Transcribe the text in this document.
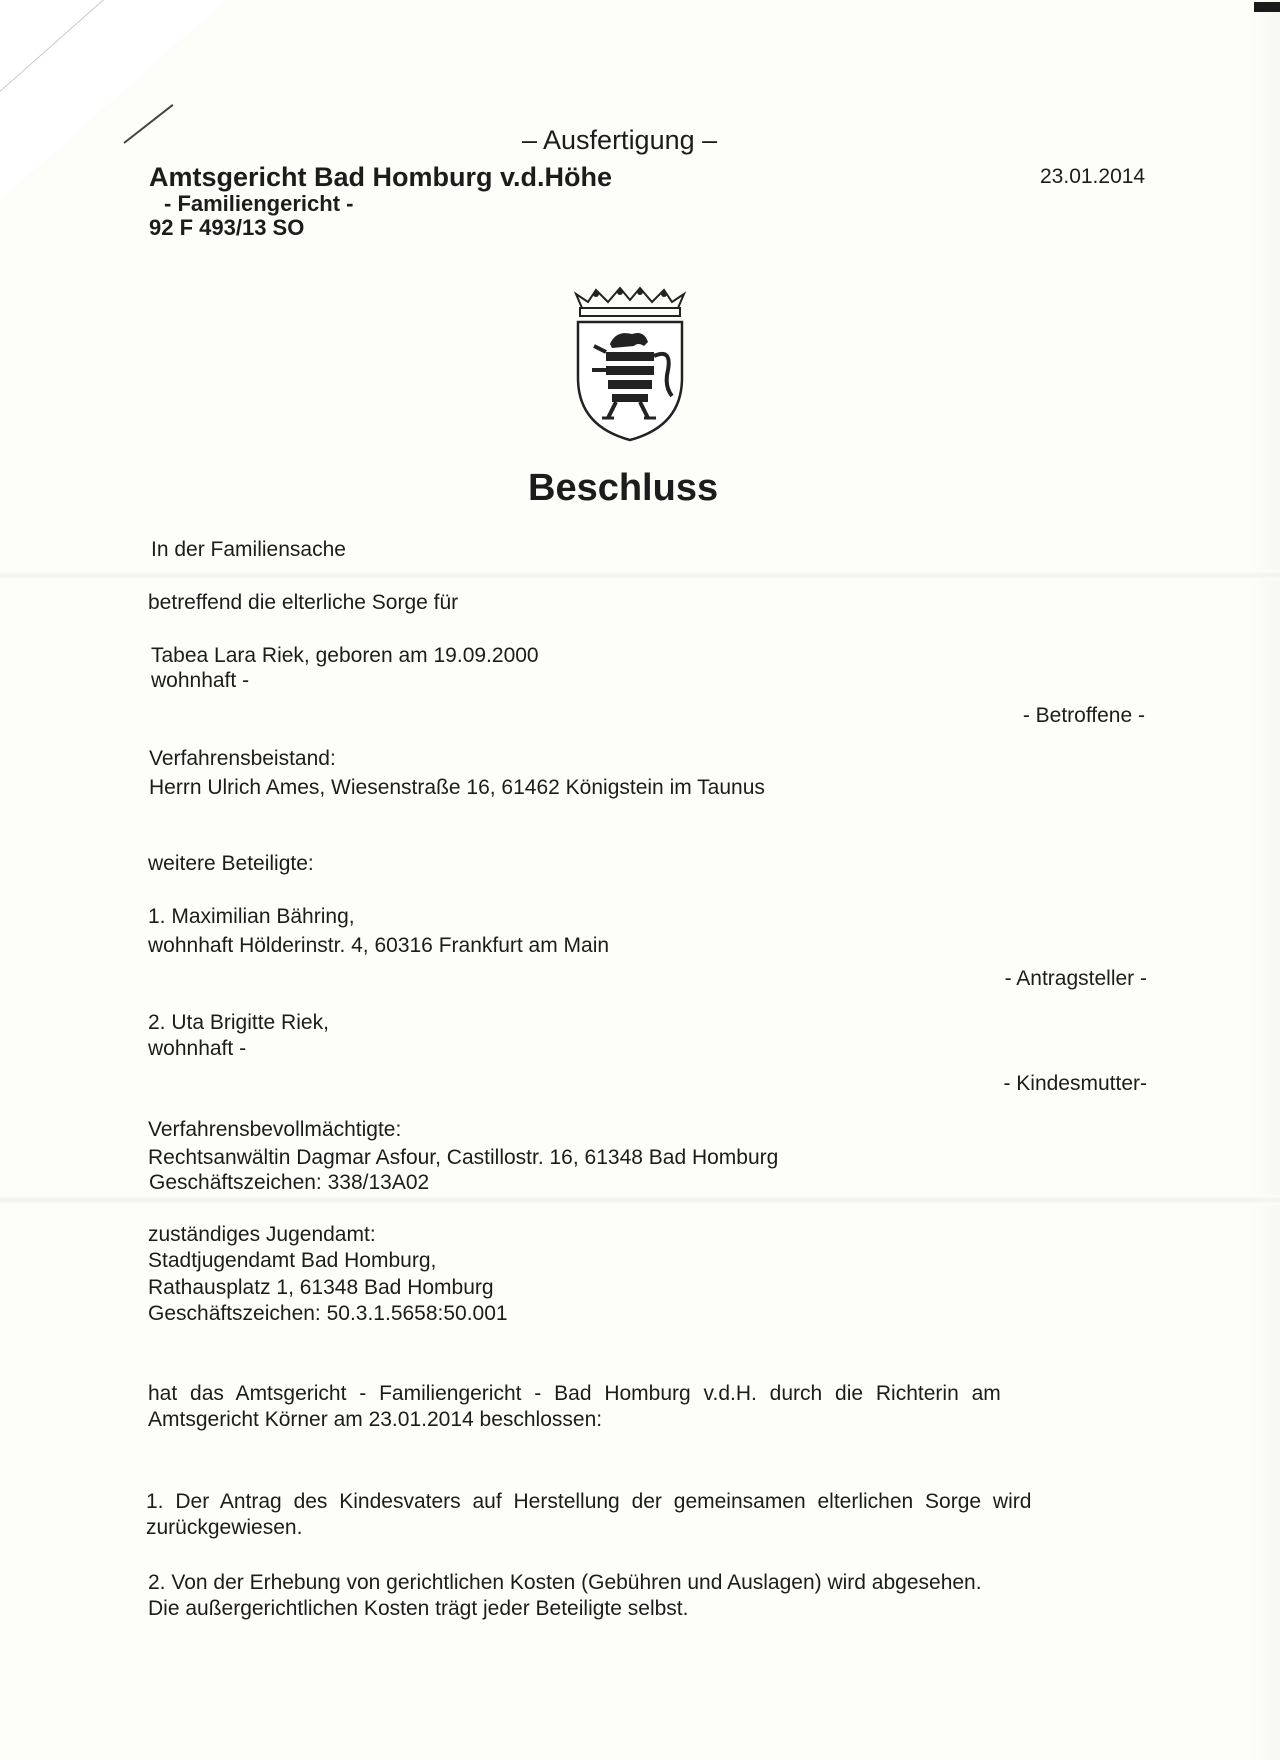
– Ausfertigung –

Amtsgericht Bad Homburg v.d.Höhe

- Familiengericht -

92 F 493/13 SO

23.01.2014

Beschluss

In der Familiensache

betreffend die elterliche Sorge für

Tabea Lara Riek, geboren am 19.09.2000

wohnhaft -

- Betroffene -

Verfahrensbeistand:

Herrn Ulrich Ames, Wiesenstraße 16, 61462 Königstein im Taunus

weitere Beteiligte:

1. Maximilian Bähring,

wohnhaft Hölderinstr. 4, 60316 Frankfurt am Main

- Antragsteller -

2. Uta Brigitte Riek,

wohnhaft -

- Kindesmutter-

Verfahrensbevollmächtigte:

Rechtsanwältin Dagmar Asfour, Castillostr. 16, 61348 Bad Homburg

Geschäftszeichen: 338/13A02

zuständiges Jugendamt:

Stadtjugendamt Bad Homburg,

Rathausplatz 1, 61348 Bad Homburg

Geschäftszeichen: 50.3.1.5658:50.001

hat das Amtsgericht - Familiengericht - Bad Homburg v.d.H. durch die Richterin am

Amtsgericht Körner am 23.01.2014 beschlossen:

1. Der Antrag des Kindesvaters auf Herstellung der gemeinsamen elterlichen Sorge wird

zurückgewiesen.

2. Von der Erhebung von gerichtlichen Kosten (Gebühren und Auslagen) wird abgesehen.

Die außergerichtlichen Kosten trägt jeder Beteiligte selbst.
